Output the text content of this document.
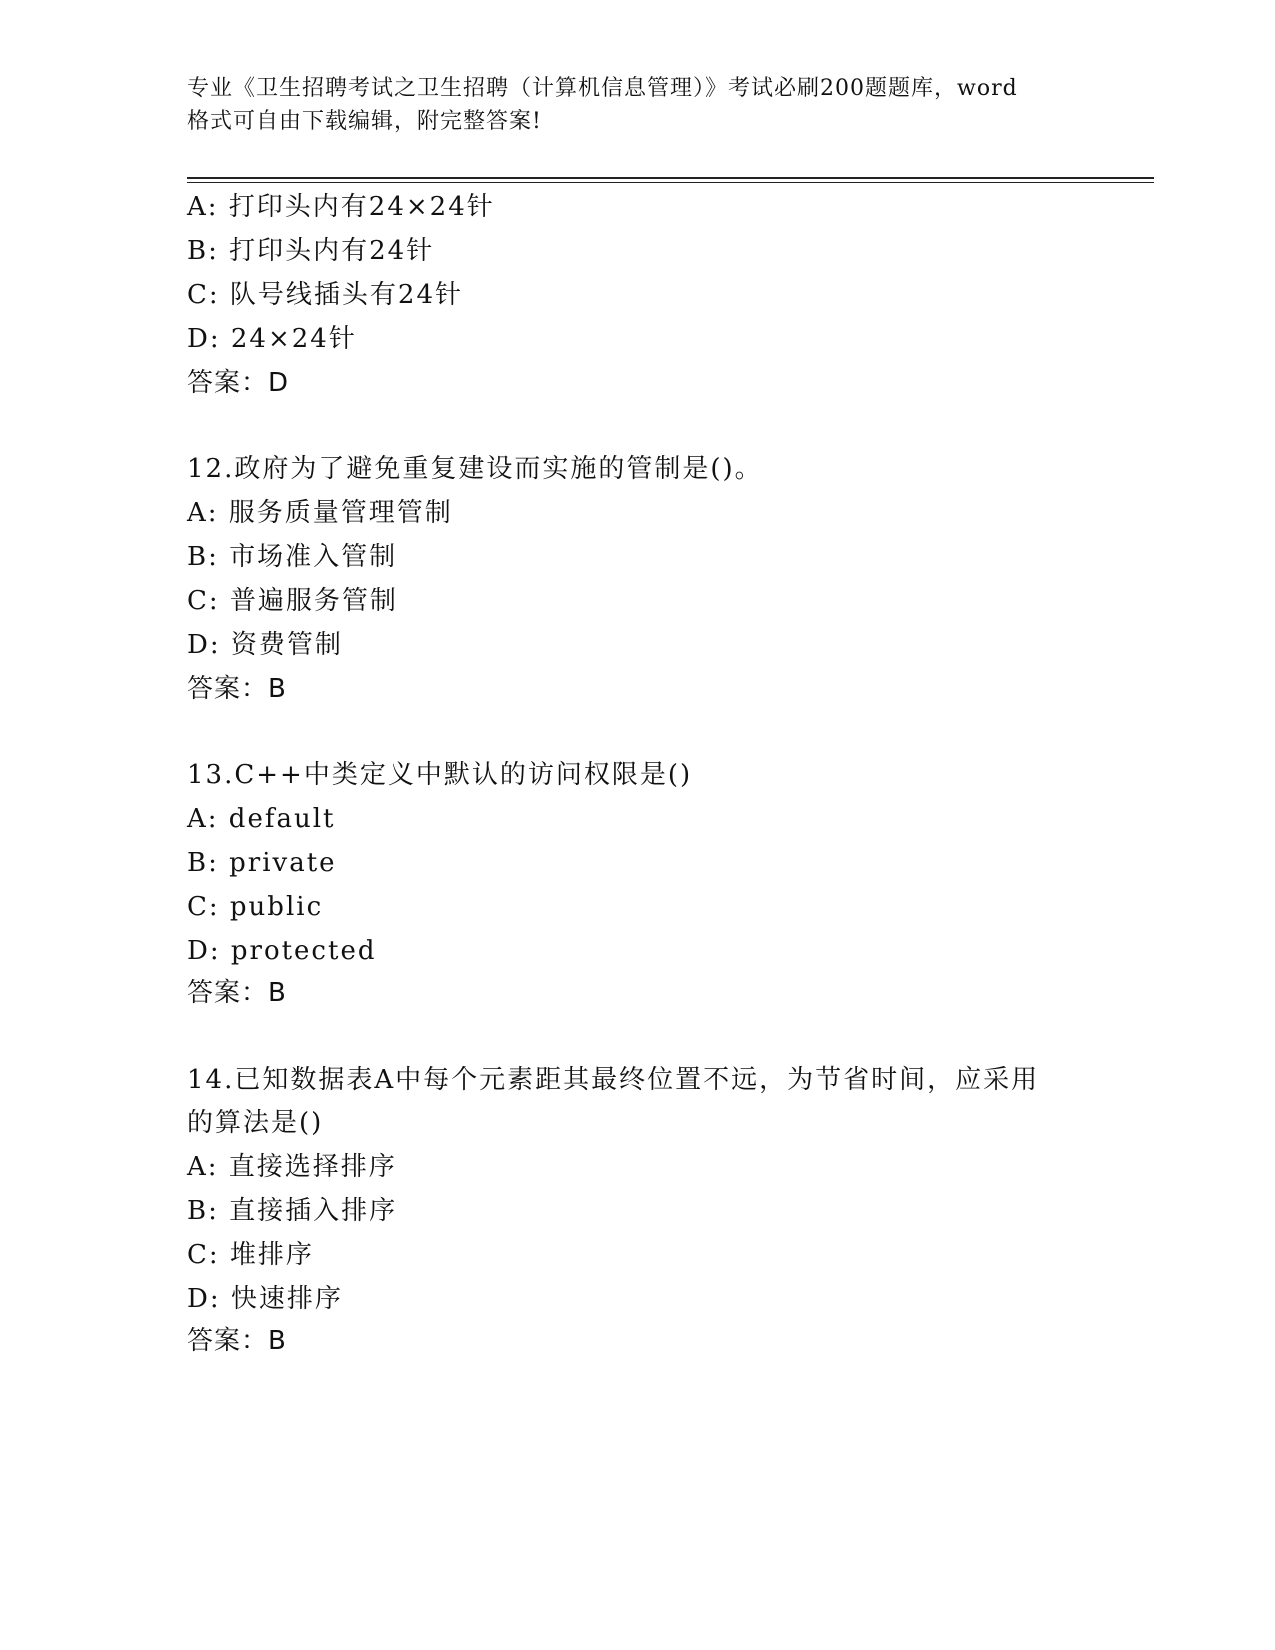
专业《卫生招聘考试之卫生招聘（计算机信息管理）》考试必刷200题题库，word
格式可自由下载编辑，附完整答案!
A: 打印头内有24×24针
B: 打印头内有24针
C: 队号线插头有24针
D: 24×24针
答案：D
12.政府为了避免重复建设而实施的管制是()。
A: 服务质量管理管制
B: 市场准入管制
C: 普遍服务管制
D: 资费管制
答案：B
13.C++中类定义中默认的访问权限是()
A: default
B: private
C: public
D: protected
答案：B
14.已知数据表A中每个元素距其最终位置不远，为节省时间，应采用
的算法是()
A: 直接选择排序
B: 直接插入排序
C: 堆排序
D: 快速排序
答案：B
